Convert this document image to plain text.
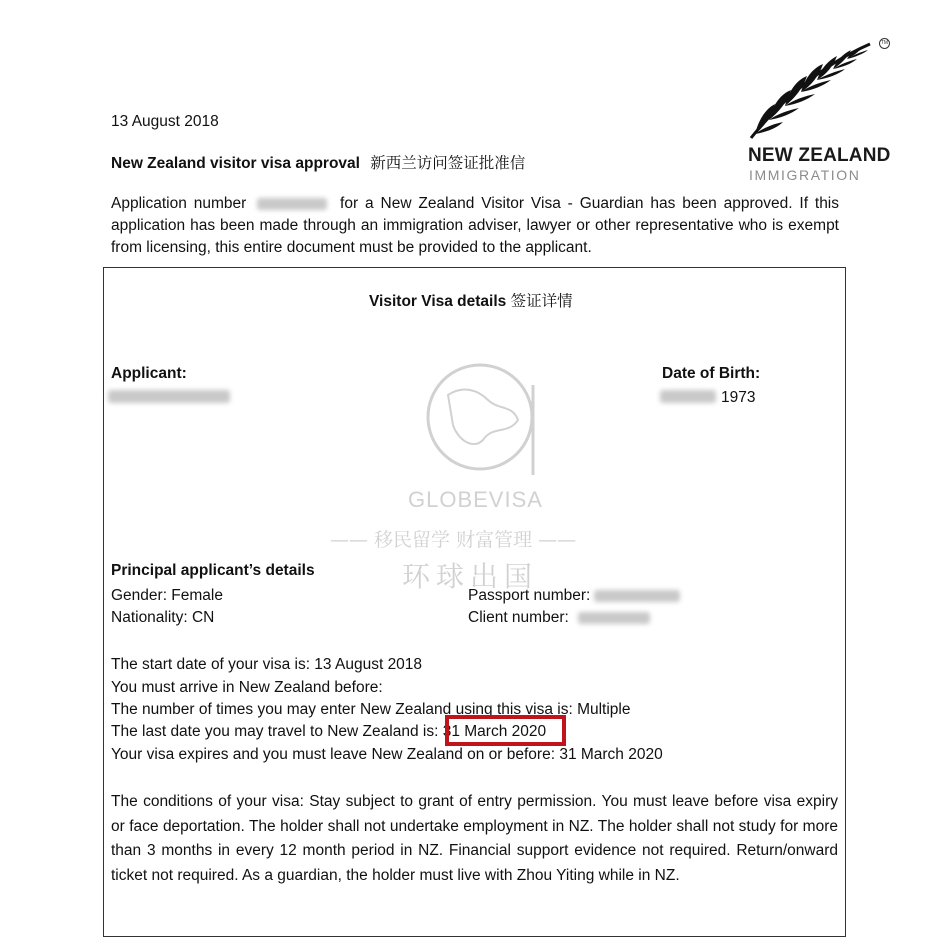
TM
NEW ZEALAND
IMMIGRATION
13 August 2018
New Zealand visitor visa approval 新西兰访问签证批准信
Application number	for a New Zealand Visitor Visa - Guardian has been approved. If this application has been made through an immigration adviser, lawyer or other representative who is exempt from licensing, this entire document must be provided to the applicant.
GLOBEVISA
—— 移民留学 财富管理 ——
环球出国
Visitor Visa details 签证详情
Applicant:	Date of Birth:
1973
Principal applicant’s details
Gender: Female
Nationality: CN
Passport number:
Client number:
The start date of your visa is: 13 August 2018
You must arrive in New Zealand before:
The number of times you may enter New Zealand using this visa is: Multiple
The last date you may travel to New Zealand is: 31 March 2020
Your visa expires and you must leave New Zealand on or before: 31 March 2020
The conditions of your visa: Stay subject to grant of entry permission. You must leave before visa expiry or face deportation. The holder shall not undertake employment in NZ. The holder shall not study for more than 3 months in every 12 month period in NZ. Financial support evidence not required. Return/onward ticket not required. As a guardian, the holder must live with Zhou Yiting while in NZ.
